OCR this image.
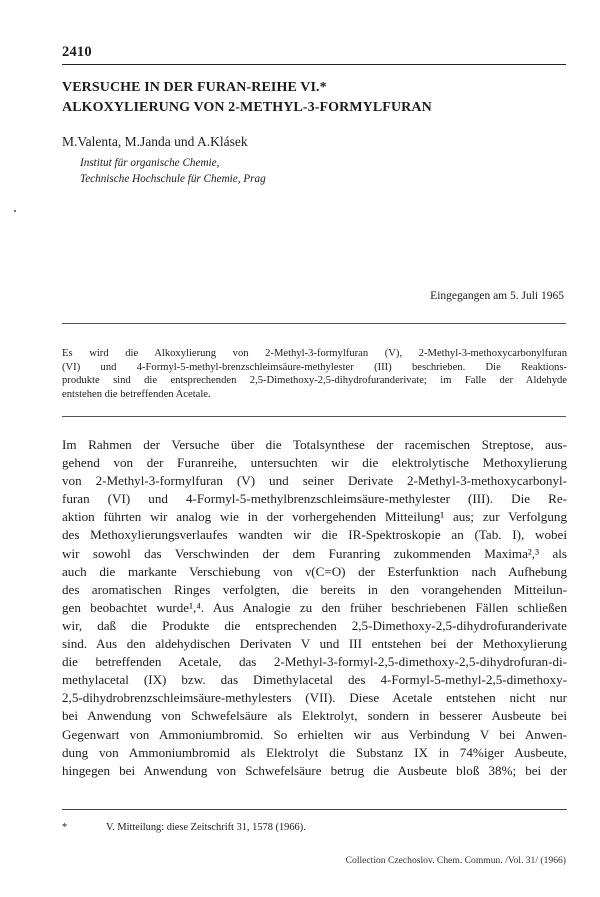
2410
VERSUCHE IN DER FURAN-REIHE VI.*
ALKOXYLIERUNG VON 2-METHYL-3-FORMYLFURAN
M.Valenta, M.Janda und A.Klásek
Institut für organische Chemie,
Technische Hochschule für Chemie, Prag
Eingegangen am 5. Juli 1965
Es wird die Alkoxylierung von 2-Methyl-3-formylfuran (V), 2-Methyl-3-methoxycarbonylfuran
(VI) und 4-Formyl-5-methyl-brenzschleimsäure-methylester (III) beschrieben. Die Reaktions-
produkte sind die entsprechenden 2,5-Dimethoxy-2,5-dihydrofuranderivate; im Falle der Aldehyde
entstehen die betreffenden Acetale.
Im Rahmen der Versuche über die Totalsynthese der racemischen Streptose, aus-
gehend von der Furanreihe, untersuchten wir die elektrolytische Methoxylierung
von 2-Methyl-3-formylfuran (V) und seiner Derivate 2-Methyl-3-methoxycarbonyl-
furan (VI) und 4-Formyl-5-methylbrenzschleimsäure-methylester (III). Die Re-
aktion führten wir analog wie in der vorhergehenden Mitteilung¹ aus; zur Verfolgung
des Methoxylierungsverlaufes wandten wir die IR-Spektroskopie an (Tab. I), wobei
wir sowohl das Verschwinden der dem Furanring zukommenden Maxima²,³ als
auch die markante Verschiebung von ν(C=O) der Esterfunktion nach Aufhebung
des aromatischen Ringes verfolgten, die bereits in den vorangehenden Mitteilun-
gen beobachtet wurde¹,⁴. Aus Analogie zu den früher beschriebenen Fällen schließen
wir, daß die Produkte die entsprechenden 2,5-Dimethoxy-2,5-dihydrofuranderivate
sind. Aus den aldehydischen Derivaten V und III entstehen bei der Methoxylierung
die betreffenden Acetale, das 2-Methyl-3-formyl-2,5-dimethoxy-2,5-dihydrofuran-di-
methylacetal (IX) bzw. das Dimethylacetal des 4-Formyl-5-methyl-2,5-dimethoxy-
2,5-dihydrobrenzschleimsäure-methylesters (VII). Diese Acetale entstehen nicht nur
bei Anwendung von Schwefelsäure als Elektrolyt, sondern in besserer Ausbeute bei
Gegenwart von Ammoniumbromid. So erhielten wir aus Verbindung V bei Anwen-
dung von Ammoniumbromid als Elektrolyt die Substanz IX in 74%iger Ausbeute,
hingegen bei Anwendung von Schwefelsäure betrug die Ausbeute bloß 38%; bei der
*	V. Mitteilung: diese Zeitschrift 31, 1578 (1966).
Collection Czechoslov. Chem. Commun. /Vol. 31/ (1966)
